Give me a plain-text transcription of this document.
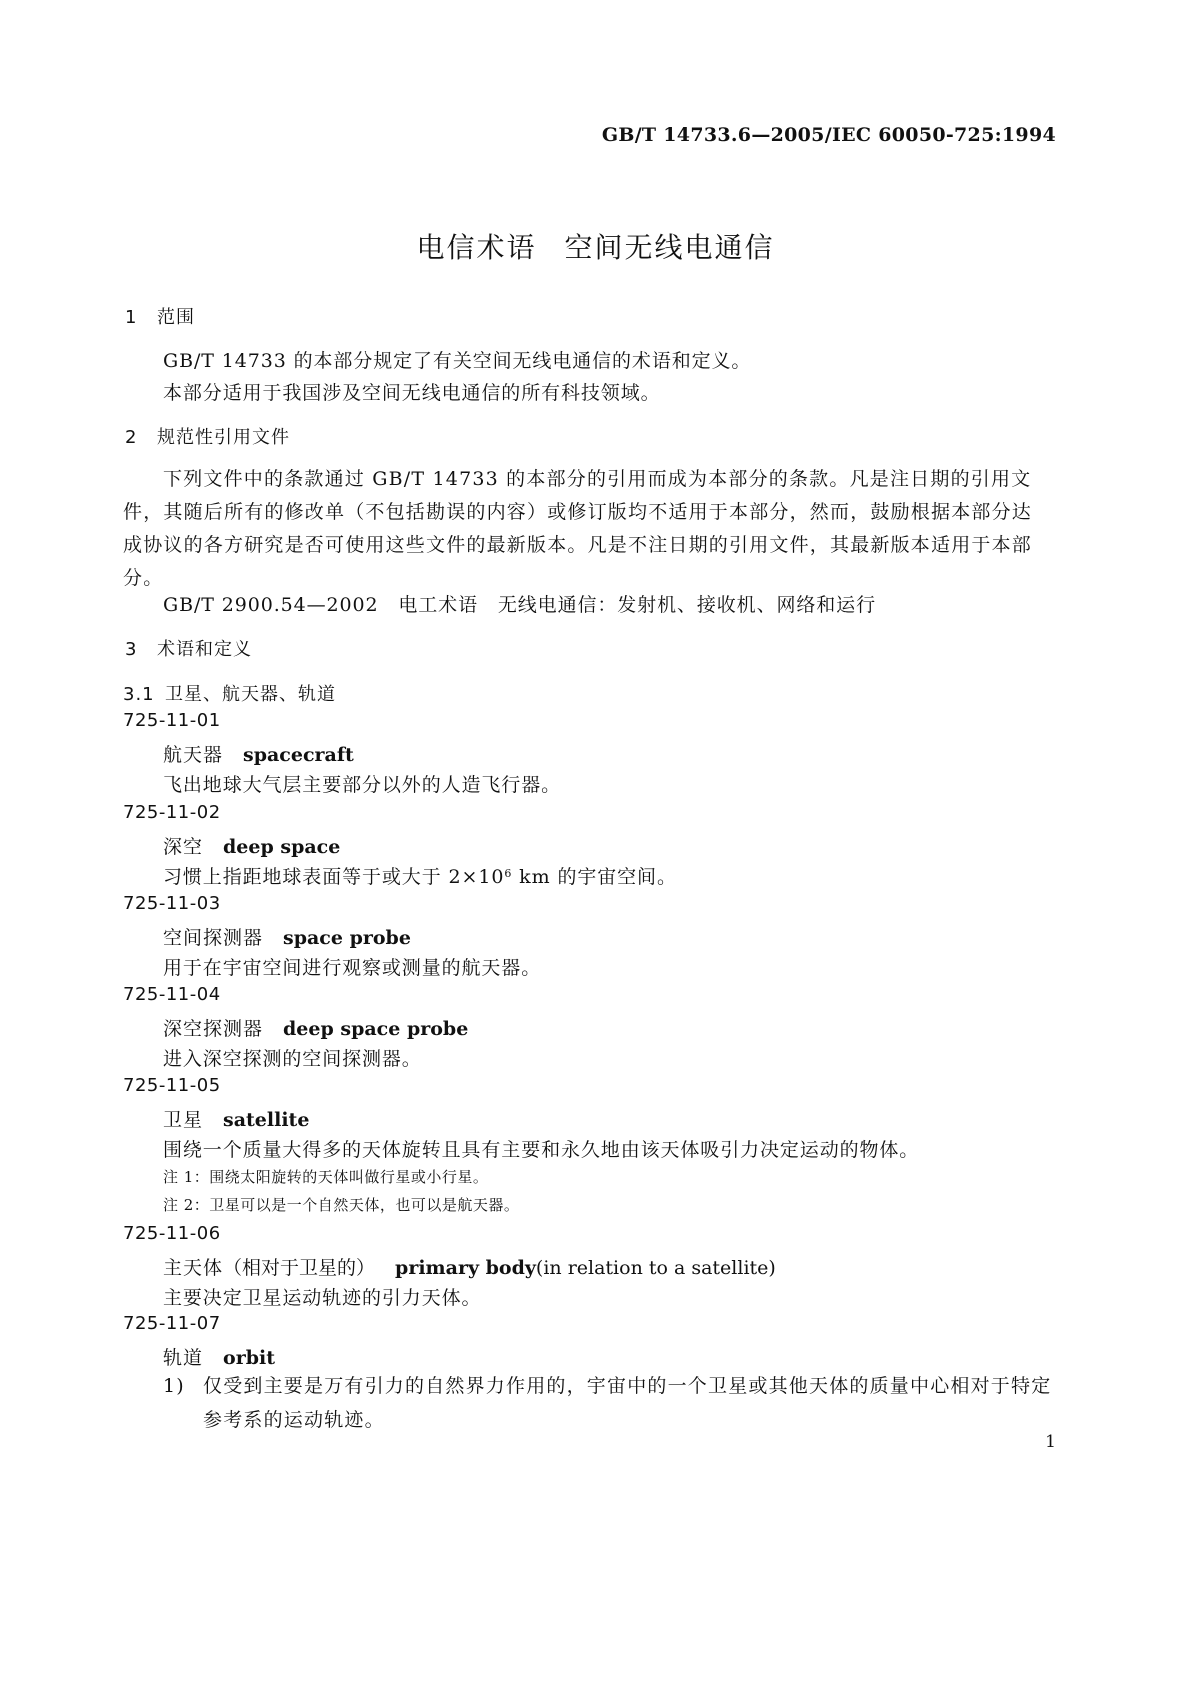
GB/T 14733.6—2005/IEC 60050-725:1994
电信术语 空间无线电通信
1 范围
GB/T 14733 的本部分规定了有关空间无线电通信的术语和定义。
本部分适用于我国涉及空间无线电通信的所有科技领域。
2 规范性引用文件
下列文件中的条款通过 GB/T 14733 的本部分的引用而成为本部分的条款。凡是注日期的引用文件，其随后所有的修改单（不包括勘误的内容）或修订版均不适用于本部分，然而，鼓励根据本部分达成协议的各方研究是否可使用这些文件的最新版本。凡是不注日期的引用文件，其最新版本适用于本部分。
GB/T 2900.54—2002　电工术语　无线电通信：发射机、接收机、网络和运行
3 术语和定义
3.1 卫星、航天器、轨道
725-11-01
航天器 spacecraft
飞出地球大气层主要部分以外的人造飞行器。
725-11-02
深空 deep space
习惯上指距地球表面等于或大于 $2\times 10^6$ km 的宇宙空间。
725-11-03
空间探测器 space probe
用于在宇宙空间进行观察或测量的航天器。
725-11-04
深空探测器 deep space probe
进入深空探测的空间探测器。
725-11-05
卫星 satellite
围绕一个质量大得多的天体旋转且具有主要和永久地由该天体吸引力决定运动的物体。
注 1：围绕太阳旋转的天体叫做行星或小行星。
注 2：卫星可以是一个自然天体，也可以是航天器。
725-11-06
主天体（相对于卫星的） primary body(in relation to a satellite)
主要决定卫星运动轨迹的引力天体。
725-11-07
轨道 orbit
1) 仅受到主要是万有引力的自然界力作用的，宇宙中的一个卫星或其他天体的质量中心相对于特定参考系的运动轨迹。
1
